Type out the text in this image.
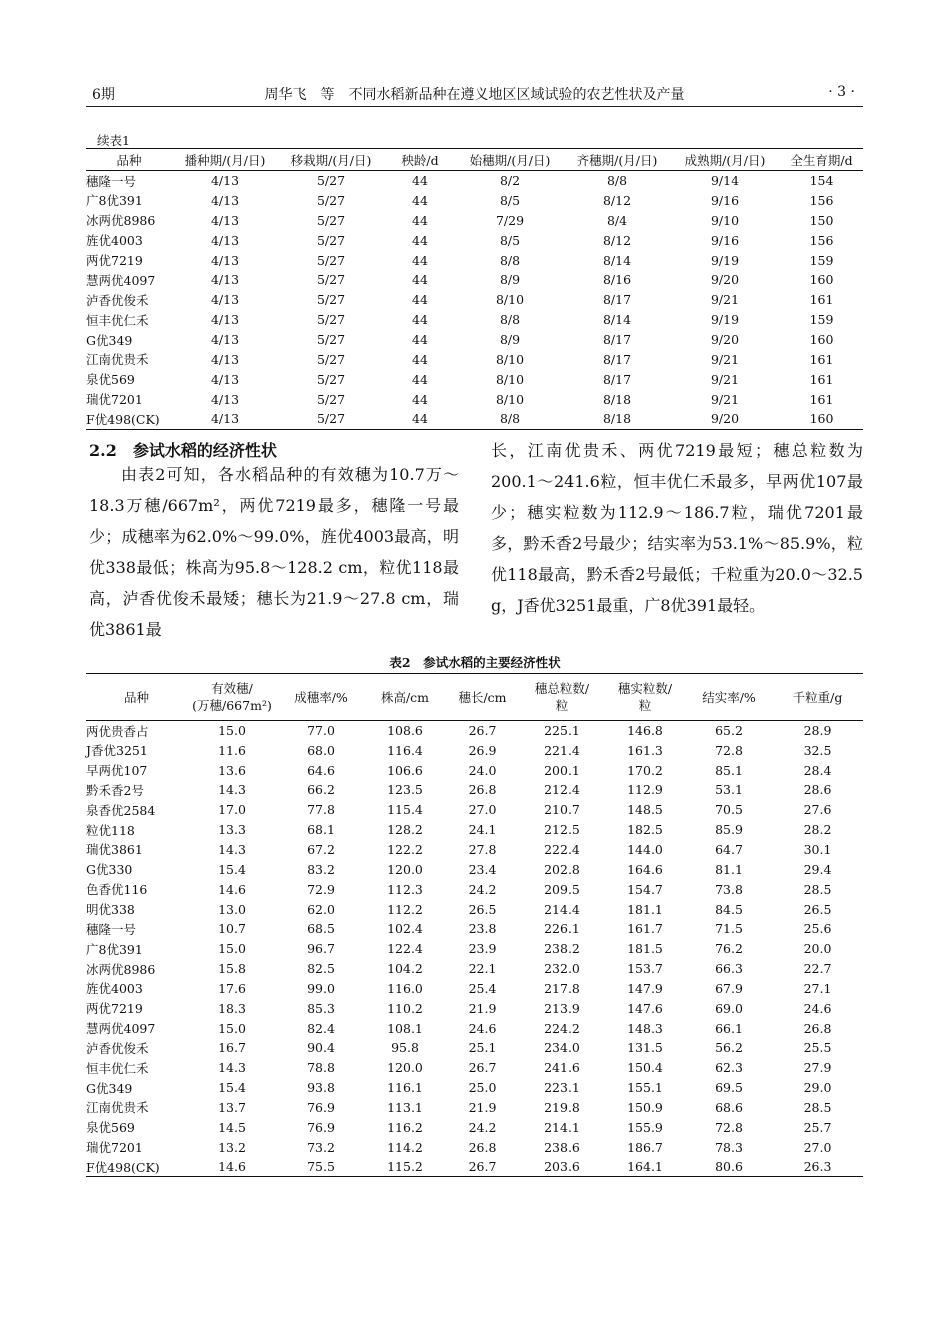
6期	周华飞　等　不同水稻新品种在遵义地区区域试验的农艺性状及产量	· 3 ·
续表1
品种	播种期/(月/日)	移栽期/(月/日)	秧龄/d	始穗期/(月/日)	齐穗期/(月/日)	成熟期/(月/日)	全生育期/d
穗隆一号	4/13	5/27	44	8/2	8/8	9/14	154
广8优391	4/13	5/27	44	8/5	8/12	9/16	156
冰两优8986	4/13	5/27	44	7/29	8/4	9/10	150
旌优4003	4/13	5/27	44	8/5	8/12	9/16	156
两优7219	4/13	5/27	44	8/8	8/14	9/19	159
慧两优4097	4/13	5/27	44	8/9	8/16	9/20	160
泸香优俊禾	4/13	5/27	44	8/10	8/17	9/21	161
恒丰优仁禾	4/13	5/27	44	8/8	8/14	9/19	159
G优349	4/13	5/27	44	8/9	8/17	9/20	160
江南优贵禾	4/13	5/27	44	8/10	8/17	9/21	161
泉优569	4/13	5/27	44	8/10	8/17	9/21	161
瑞优7201	4/13	5/27	44	8/10	8/18	9/21	161
F优498(CK)	4/13	5/27	44	8/8	8/18	9/20	160
2.2　参试水稻的经济性状

由表2可知，各水稻品种的有效穗为10.7万～18.3万穗/667m²，两优7219最多，穗隆一号最少；成穗率为62.0%～99.0%，旌优4003最高，明优338最低；株高为95.8～128.2 cm，粒优118最高，泸香优俊禾最矮；穗长为21.9～27.8 cm，瑞优3861最

长，江南优贵禾、两优7219最短；穗总粒数为200.1～241.6粒，恒丰优仁禾最多，早两优107最少；穗实粒数为112.9～186.7粒，瑞优7201最多，黔禾香2号最少；结实率为53.1%～85.9%，粒优118最高，黔禾香2号最低；千粒重为20.0～32.5 g，J香优3251最重，广8优391最轻。

表2　参试水稻的主要经济性状
品种	有效穗/
(万穗/667m²)	成穗率/%	株高/cm	穗长/cm	穗总粒数/
粒	穗实粒数/
粒	结实率/%	千粒重/g

两优贵香占	15.0	77.0	108.6	26.7	225.1	146.8	65.2	28.9
J香优3251	11.6	68.0	116.4	26.9	221.4	161.3	72.8	32.5
早两优107	13.6	64.6	106.6	24.0	200.1	170.2	85.1	28.4
黔禾香2号	14.3	66.2	123.5	26.8	212.4	112.9	53.1	28.6
泉香优2584	17.0	77.8	115.4	27.0	210.7	148.5	70.5	27.6
粒优118	13.3	68.1	128.2	24.1	212.5	182.5	85.9	28.2
瑞优3861	14.3	67.2	122.2	27.8	222.4	144.0	64.7	30.1
G优330	15.4	83.2	120.0	23.4	202.8	164.6	81.1	29.4
色香优116	14.6	72.9	112.3	24.2	209.5	154.7	73.8	28.5
明优338	13.0	62.0	112.2	26.5	214.4	181.1	84.5	26.5
穗隆一号	10.7	68.5	102.4	23.8	226.1	161.7	71.5	25.6
广8优391	15.0	96.7	122.4	23.9	238.2	181.5	76.2	20.0
冰两优8986	15.8	82.5	104.2	22.1	232.0	153.7	66.3	22.7
旌优4003	17.6	99.0	116.0	25.4	217.8	147.9	67.9	27.1
两优7219	18.3	85.3	110.2	21.9	213.9	147.6	69.0	24.6
慧两优4097	15.0	82.4	108.1	24.6	224.2	148.3	66.1	26.8
泸香优俊禾	16.7	90.4	95.8	25.1	234.0	131.5	56.2	25.5
恒丰优仁禾	14.3	78.8	120.0	26.7	241.6	150.4	62.3	27.9
G优349	15.4	93.8	116.1	25.0	223.1	155.1	69.5	29.0
江南优贵禾	13.7	76.9	113.1	21.9	219.8	150.9	68.6	28.5
泉优569	14.5	76.9	116.2	24.2	214.1	155.9	72.8	25.7
瑞优7201	13.2	73.2	114.2	26.8	238.6	186.7	78.3	27.0
F优498(CK)	14.6	75.5	115.2	26.7	203.6	164.1	80.6	26.3
